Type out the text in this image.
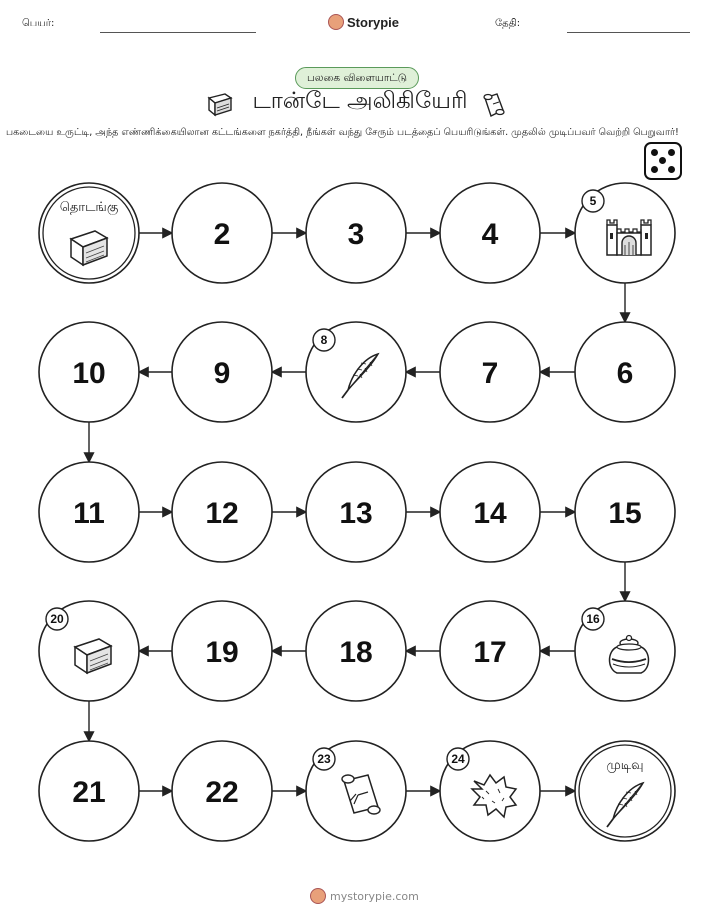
பெயர்:	Storypie	தேதி:
பலகை விளையாட்டு
டான்டே அலிகியேரி
பகடையை உருட்டி, அந்த எண்ணிக்கையிலான கட்டங்களை நகர்த்தி, நீங்கள் வந்து சேரும் படத்தைப் பெயரிடுங்கள். முதலில் முடிப்பவர் வெற்றி பெறுவார்!
தொடங்கு
2	3	4
5
6
7
8
9
10
11	12	13	14	15
16
17
18
19
20
21	22
23	24	முடிவு
mystorypie.com
